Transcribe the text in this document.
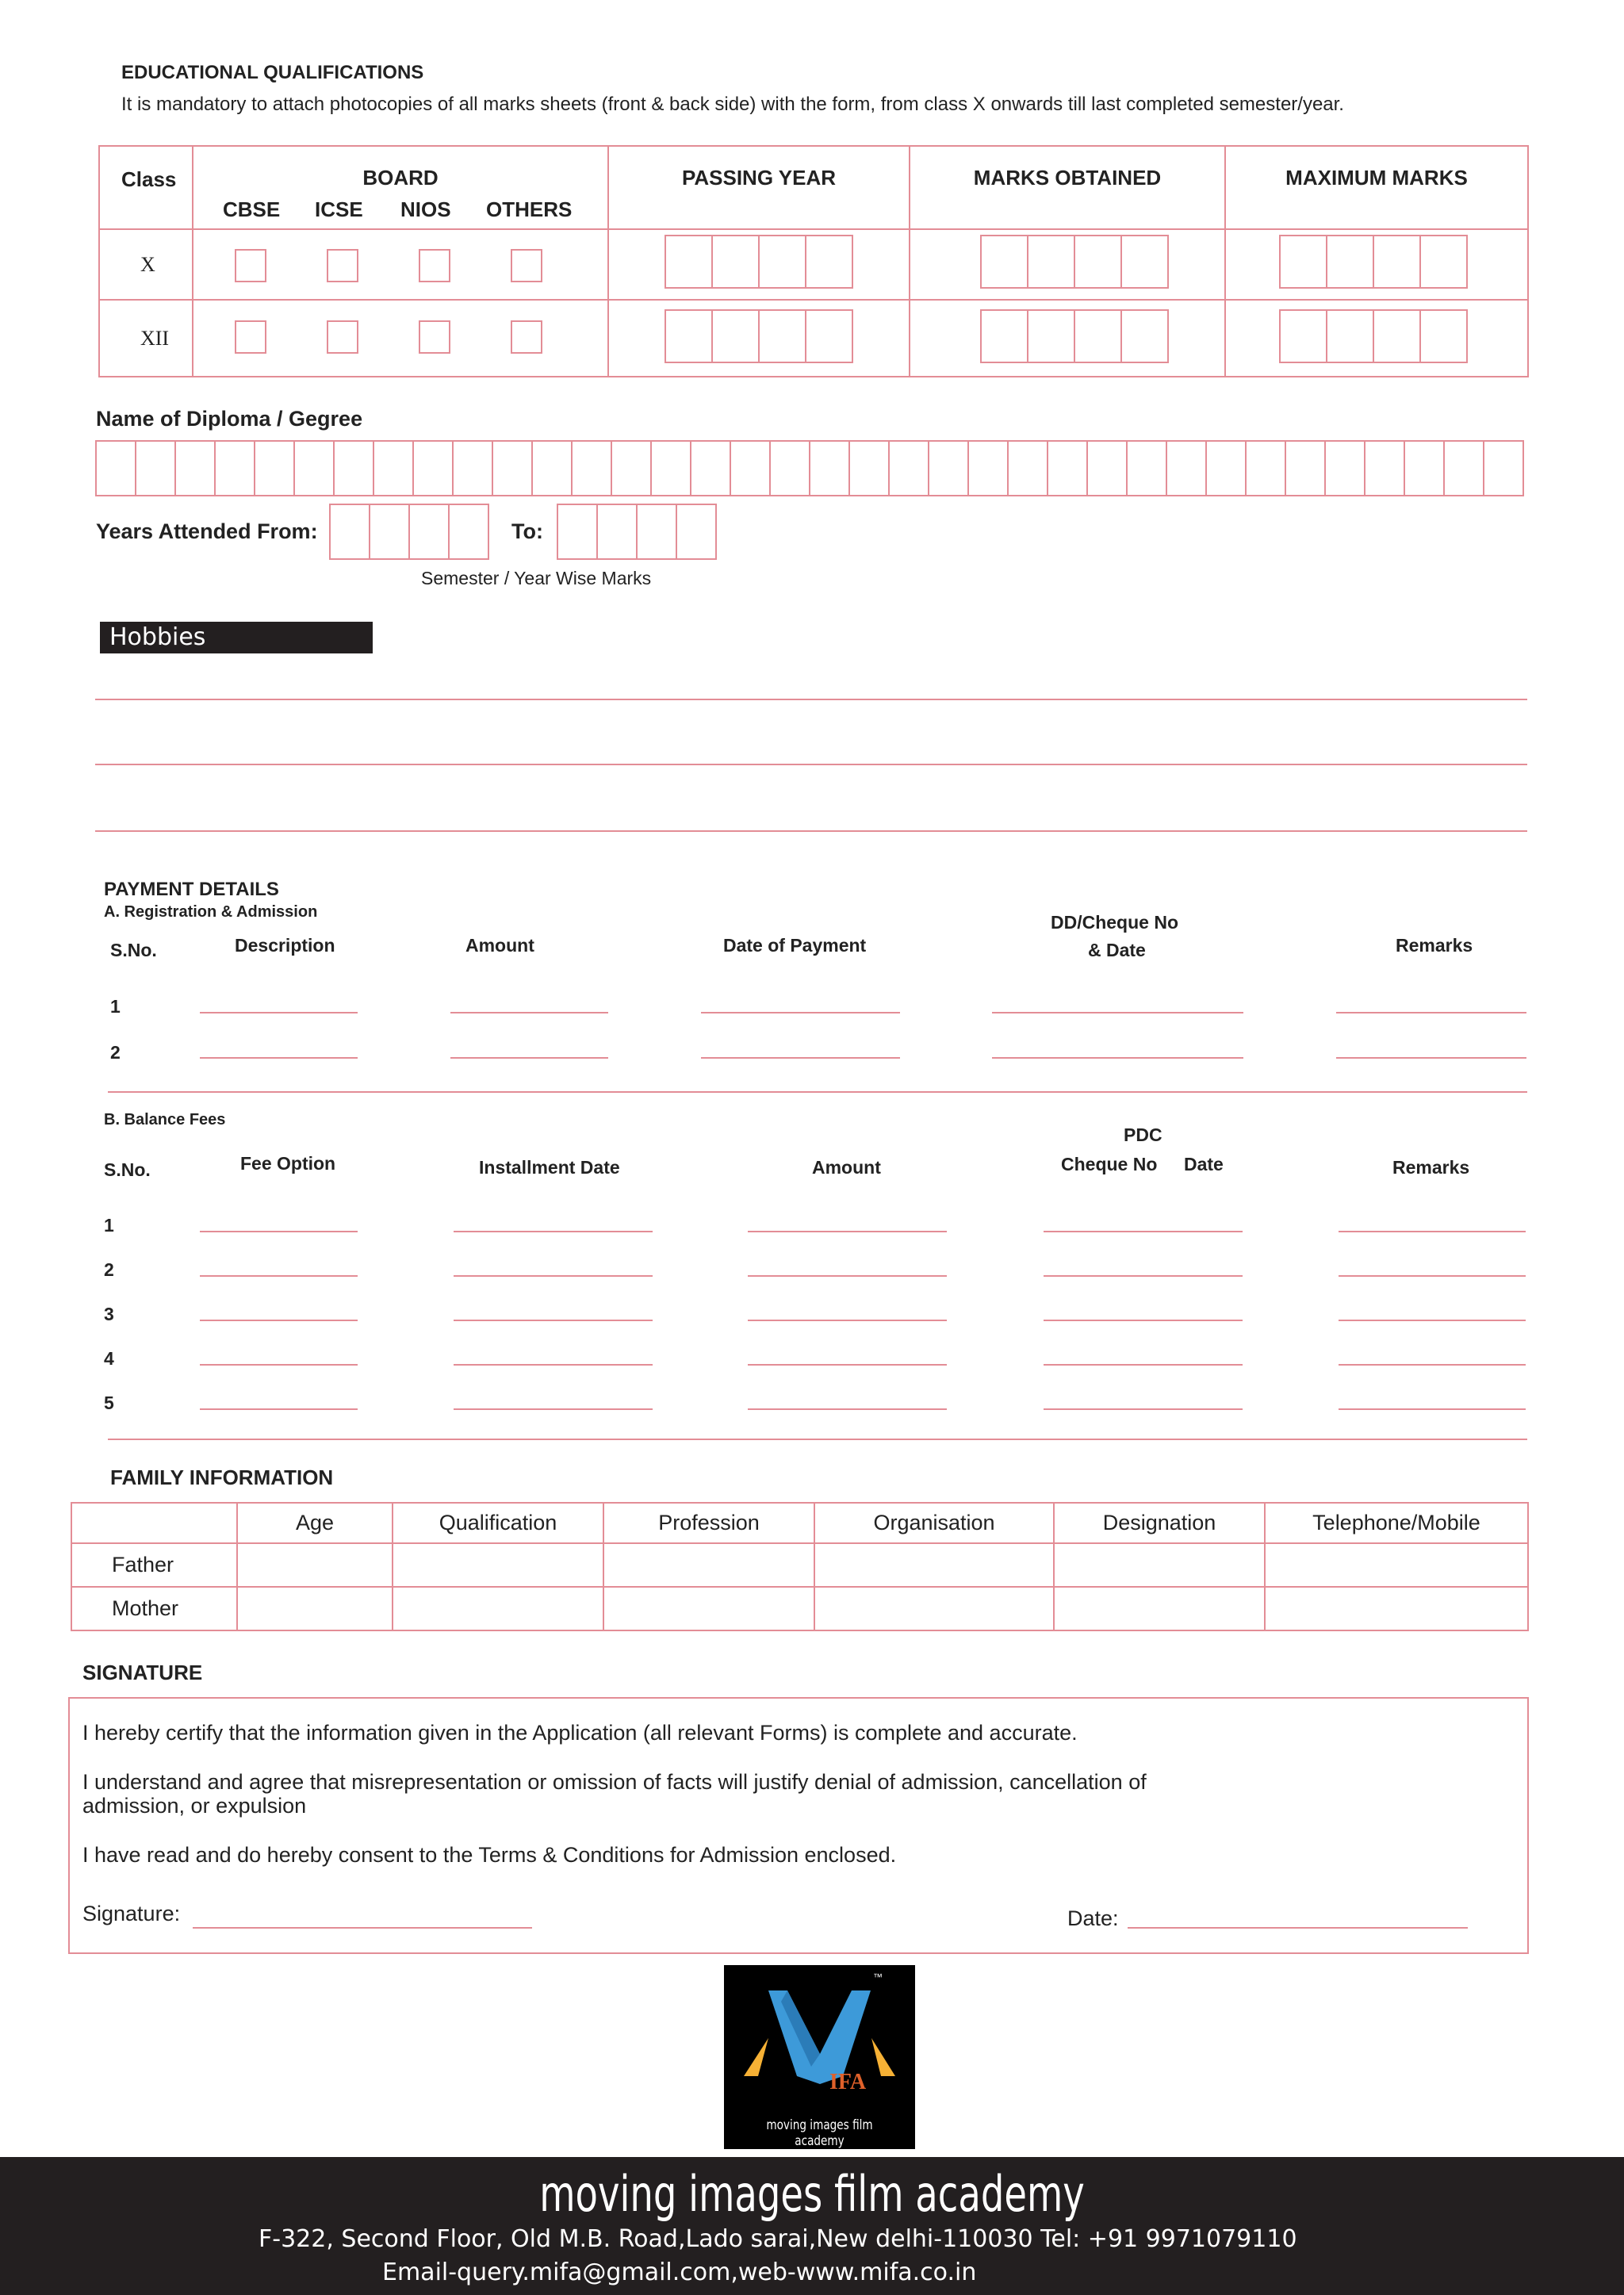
EDUCATIONAL QUALIFICATIONS
It is mandatory to attach photocopies of all marks sheets (front & back side) with the form, from class X onwards till last completed semester/year.
Class	BOARD
CBSE ICSE NIOS OTHERS	PASSING YEAR	MARKS OBTAINED	MAXIMUM MARKS

X				

XII				

Name of Diploma / Gegree
Years Attended From:	To:
Semester / Year Wise Marks
Hobbies
PAYMENT DETAILS
A. Registration & Admission
S.No.	Description	Amount	Date of Payment
DD/Cheque No
& Date	Remarks
1
2
B. Balance Fees
S.No.	Fee Option	Installment Date	Amount
PDC
Cheque No Date	Remarks
1
2
3
4
5
FAMILY INFORMATION
	Age	Qualification	Profession	Organisation	Designation	Telephone/Mobile
Father						
Mother						
SIGNATURE
I hereby certify that the information given in the Application (all relevant Forms) is complete and accurate.
I understand and agree that misrepresentation or omission of facts will justify denial of admission, cancellation of
admission, or expulsion
I have read and do hereby consent to the Terms & Conditions for Admission enclosed.
Signature:	Date:
™
IFA
moving images film academy
moving images film academy
F-322, Second Floor, Old M.B. Road,Lado sarai,New delhi-110030 Tel: +91 9971079110
Email-query.mifa@gmail.com,web-www.mifa.co.in
